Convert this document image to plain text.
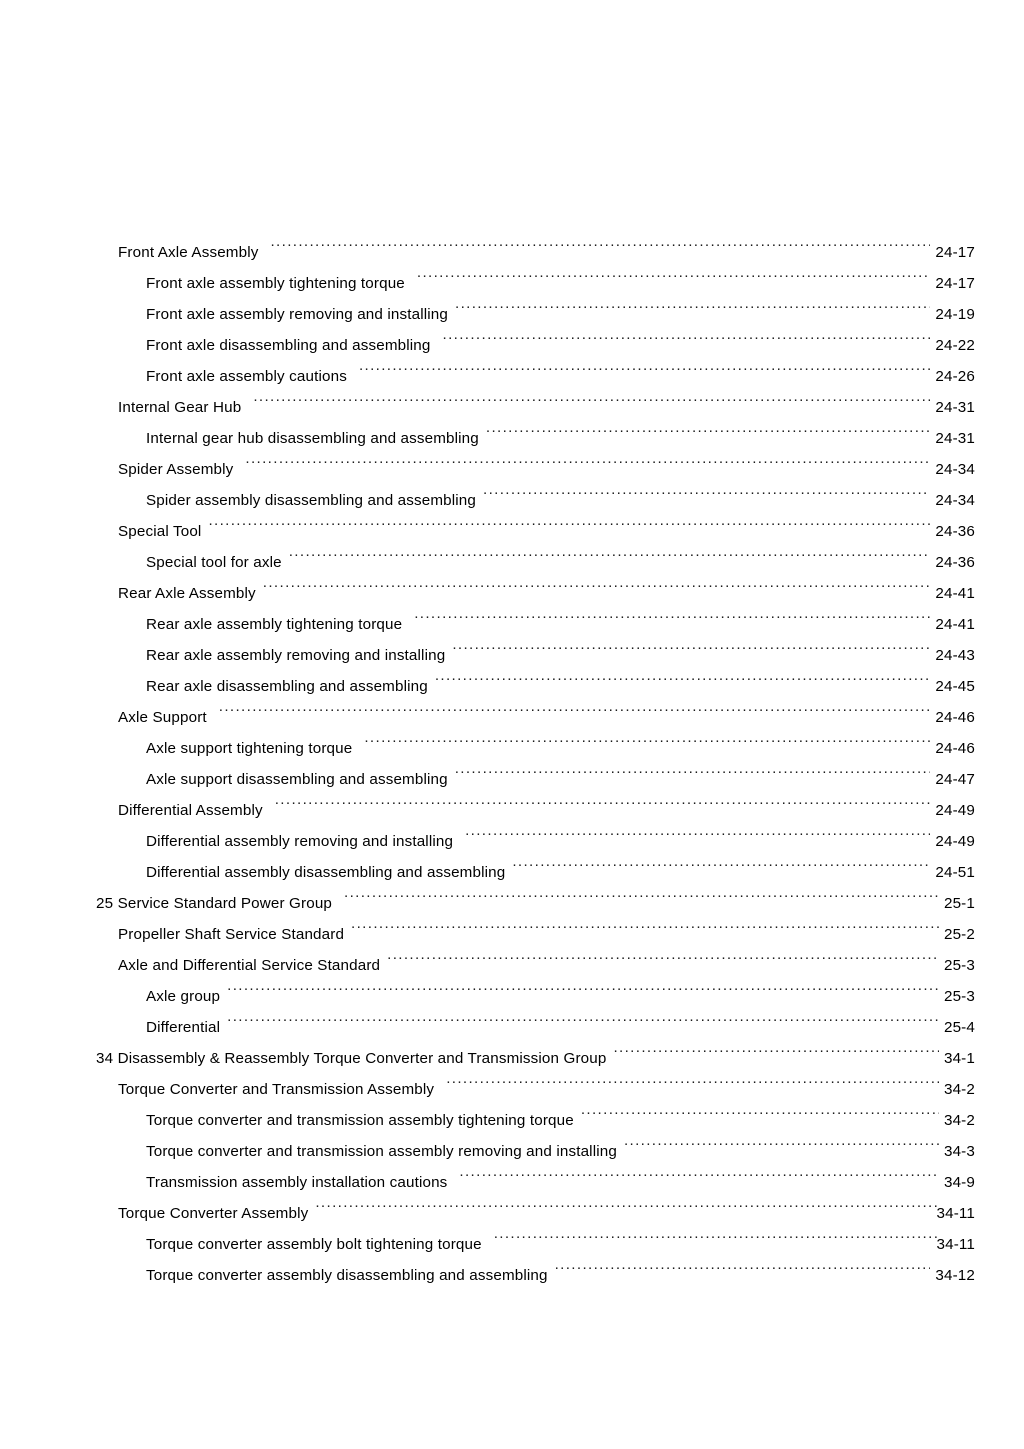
Front Axle Assembly .....	24-17
Front axle assembly tightening torque .....	24-17
Front axle assembly removing and installing .....	24-19
Front axle disassembling and assembling .....	24-22
Front axle assembly cautions .....	24-26
Internal Gear Hub .....	24-31
Internal gear hub disassembling and assembling .....	24-31
Spider Assembly .....	24-34
Spider assembly disassembling and assembling .....	24-34
Special Tool .....	24-36
Special tool for axle .....	24-36
Rear Axle Assembly .....	24-41
Rear axle assembly tightening torque .....	24-41
Rear axle assembly removing and installing .....	24-43
Rear axle disassembling and assembling .....	24-45
Axle Support .....	24-46
Axle support tightening torque .....	24-46
Axle support disassembling and assembling .....	24-47
Differential Assembly .....	24-49
Differential assembly removing and installing .....	24-49
Differential assembly disassembling and assembling .....	24-51
25 Service Standard Power Group .....	25-1
Propeller Shaft Service Standard .....	25-2
Axle and Differential Service Standard .....	25-3
Axle group .....	25-3
Differential .....	25-4
34 Disassembly & Reassembly Torque Converter and Transmission Group .....	34-1
Torque Converter and Transmission Assembly .....	34-2
Torque converter and transmission assembly tightening torque .....	34-2
Torque converter and transmission assembly removing and installing .....	34-3
Transmission assembly installation cautions .....	34-9
Torque Converter Assembly .....	34-11
Torque converter assembly bolt tightening torque .....	34-11
Torque converter assembly disassembling and assembling .....	34-12
